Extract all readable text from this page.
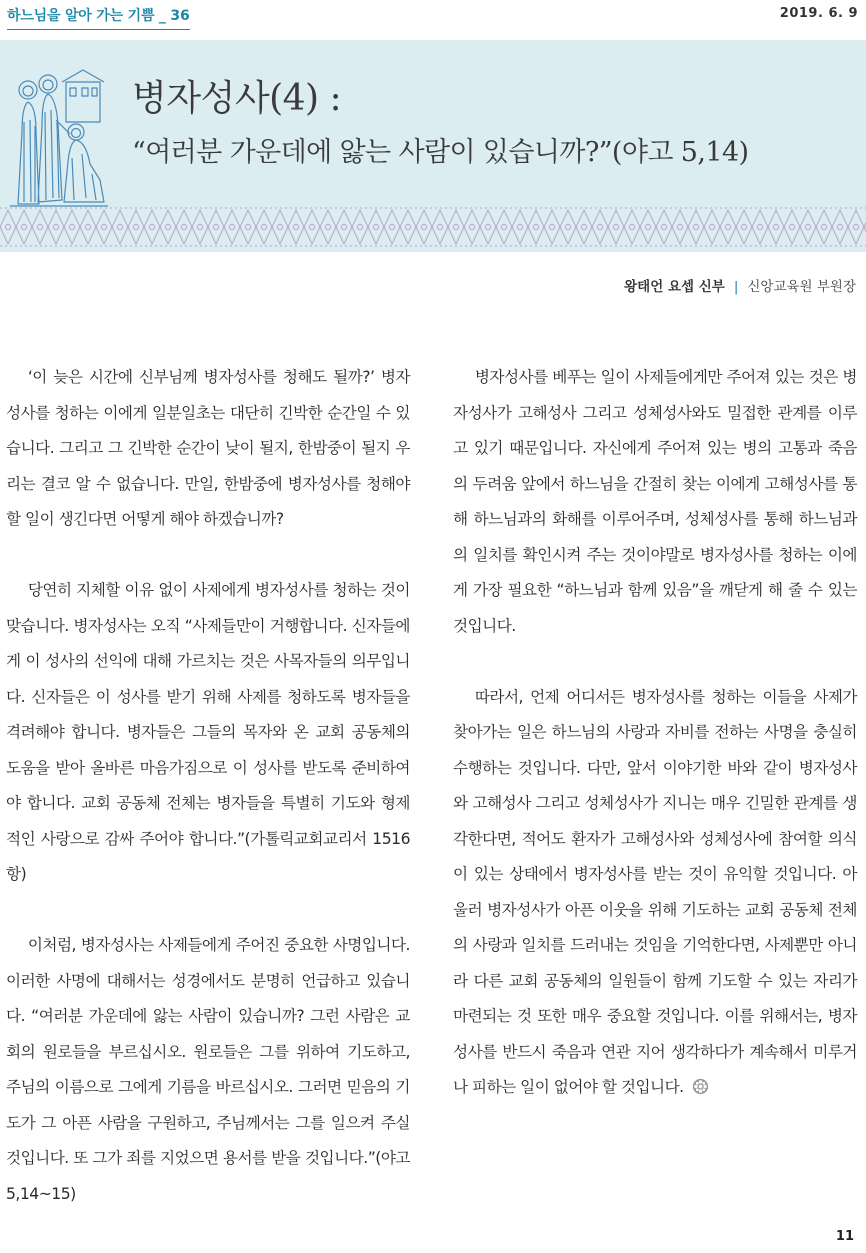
하느님을 알아 가는 기쁨 _ 36	2019. 6. 9
병자성사(4) :
“여러분 가운데에 앓는 사람이 있습니까?”(야고 5,14)
왕태언 요셉 신부 | 신앙교육원 부원장

‘이 늦은 시간에 신부님께 병자성사를 청해도 될까?’ 병자성사를 청하는 이에게 일분일초는 대단히 긴박한 순간일 수 있습니다. 그리고 그 긴박한 순간이 낮이 될지, 한밤중이 될지 우리는 결코 알 수 없습니다. 만일, 한밤중에 병자성사를 청해야 할 일이 생긴다면 어떻게 해야 하겠습니까?

당연히 지체할 이유 없이 사제에게 병자성사를 청하는 것이 맞습니다. 병자성사는 오직 “사제들만이 거행합니다. 신자들에게 이 성사의 선익에 대해 가르치는 것은 사목자들의 의무입니다. 신자들은 이 성사를 받기 위해 사제를 청하도록 병자들을 격려해야 합니다. 병자들은 그들의 목자와 온 교회 공동체의 도움을 받아 올바른 마음가짐으로 이 성사를 받도록 준비하여야 합니다. 교회 공동체 전체는 병자들을 특별히 기도와 형제적인 사랑으로 감싸 주어야 합니다.”(가톨릭교회교리서 1516항)

이처럼, 병자성사는 사제들에게 주어진 중요한 사명입니다. 이러한 사명에 대해서는 성경에서도 분명히 언급하고 있습니다. “여러분 가운데에 앓는 사람이 있습니까? 그런 사람은 교회의 원로들을 부르십시오. 원로들은 그를 위하여 기도하고, 주님의 이름으로 그에게 기름을 바르십시오. 그러면 믿음의 기도가 그 아픈 사람을 구원하고, 주님께서는 그를 일으켜 주실 것입니다. 또 그가 죄를 지었으면 용서를 받을 것입니다.”(야고 5,14~15)

병자성사를 베푸는 일이 사제들에게만 주어져 있는 것은 병자성사가 고해성사 그리고 성체성사와도 밀접한 관계를 이루고 있기 때문입니다. 자신에게 주어져 있는 병의 고통과 죽음의 두려움 앞에서 하느님을 간절히 찾는 이에게 고해성사를 통해 하느님과의 화해를 이루어주며, 성체성사를 통해 하느님과의 일치를 확인시켜 주는 것이야말로 병자성사를 청하는 이에게 가장 필요한 “하느님과 함께 있음”을 깨닫게 해 줄 수 있는 것입니다.

따라서, 언제 어디서든 병자성사를 청하는 이들을 사제가 찾아가는 일은 하느님의 사랑과 자비를 전하는 사명을 충실히 수행하는 것입니다. 다만, 앞서 이야기한 바와 같이 병자성사와 고해성사 그리고 성체성사가 지니는 매우 긴밀한 관계를 생각한다면, 적어도 환자가 고해성사와 성체성사에 참여할 의식이 있는 상태에서 병자성사를 받는 것이 유익할 것입니다. 아울러 병자성사가 아픈 이웃을 위해 기도하는 교회 공동체 전체의 사랑과 일치를 드러내는 것임을 기억한다면, 사제뿐만 아니라 다른 교회 공동체의 일원들이 함께 기도할 수 있는 자리가 마련되는 것 또한 매우 중요할 것입니다. 이를 위해서는, 병자성사를 반드시 죽음과 연관 지어 생각하다가 계속해서 미루거나 피하는 일이 없어야 할 것입니다.

11
